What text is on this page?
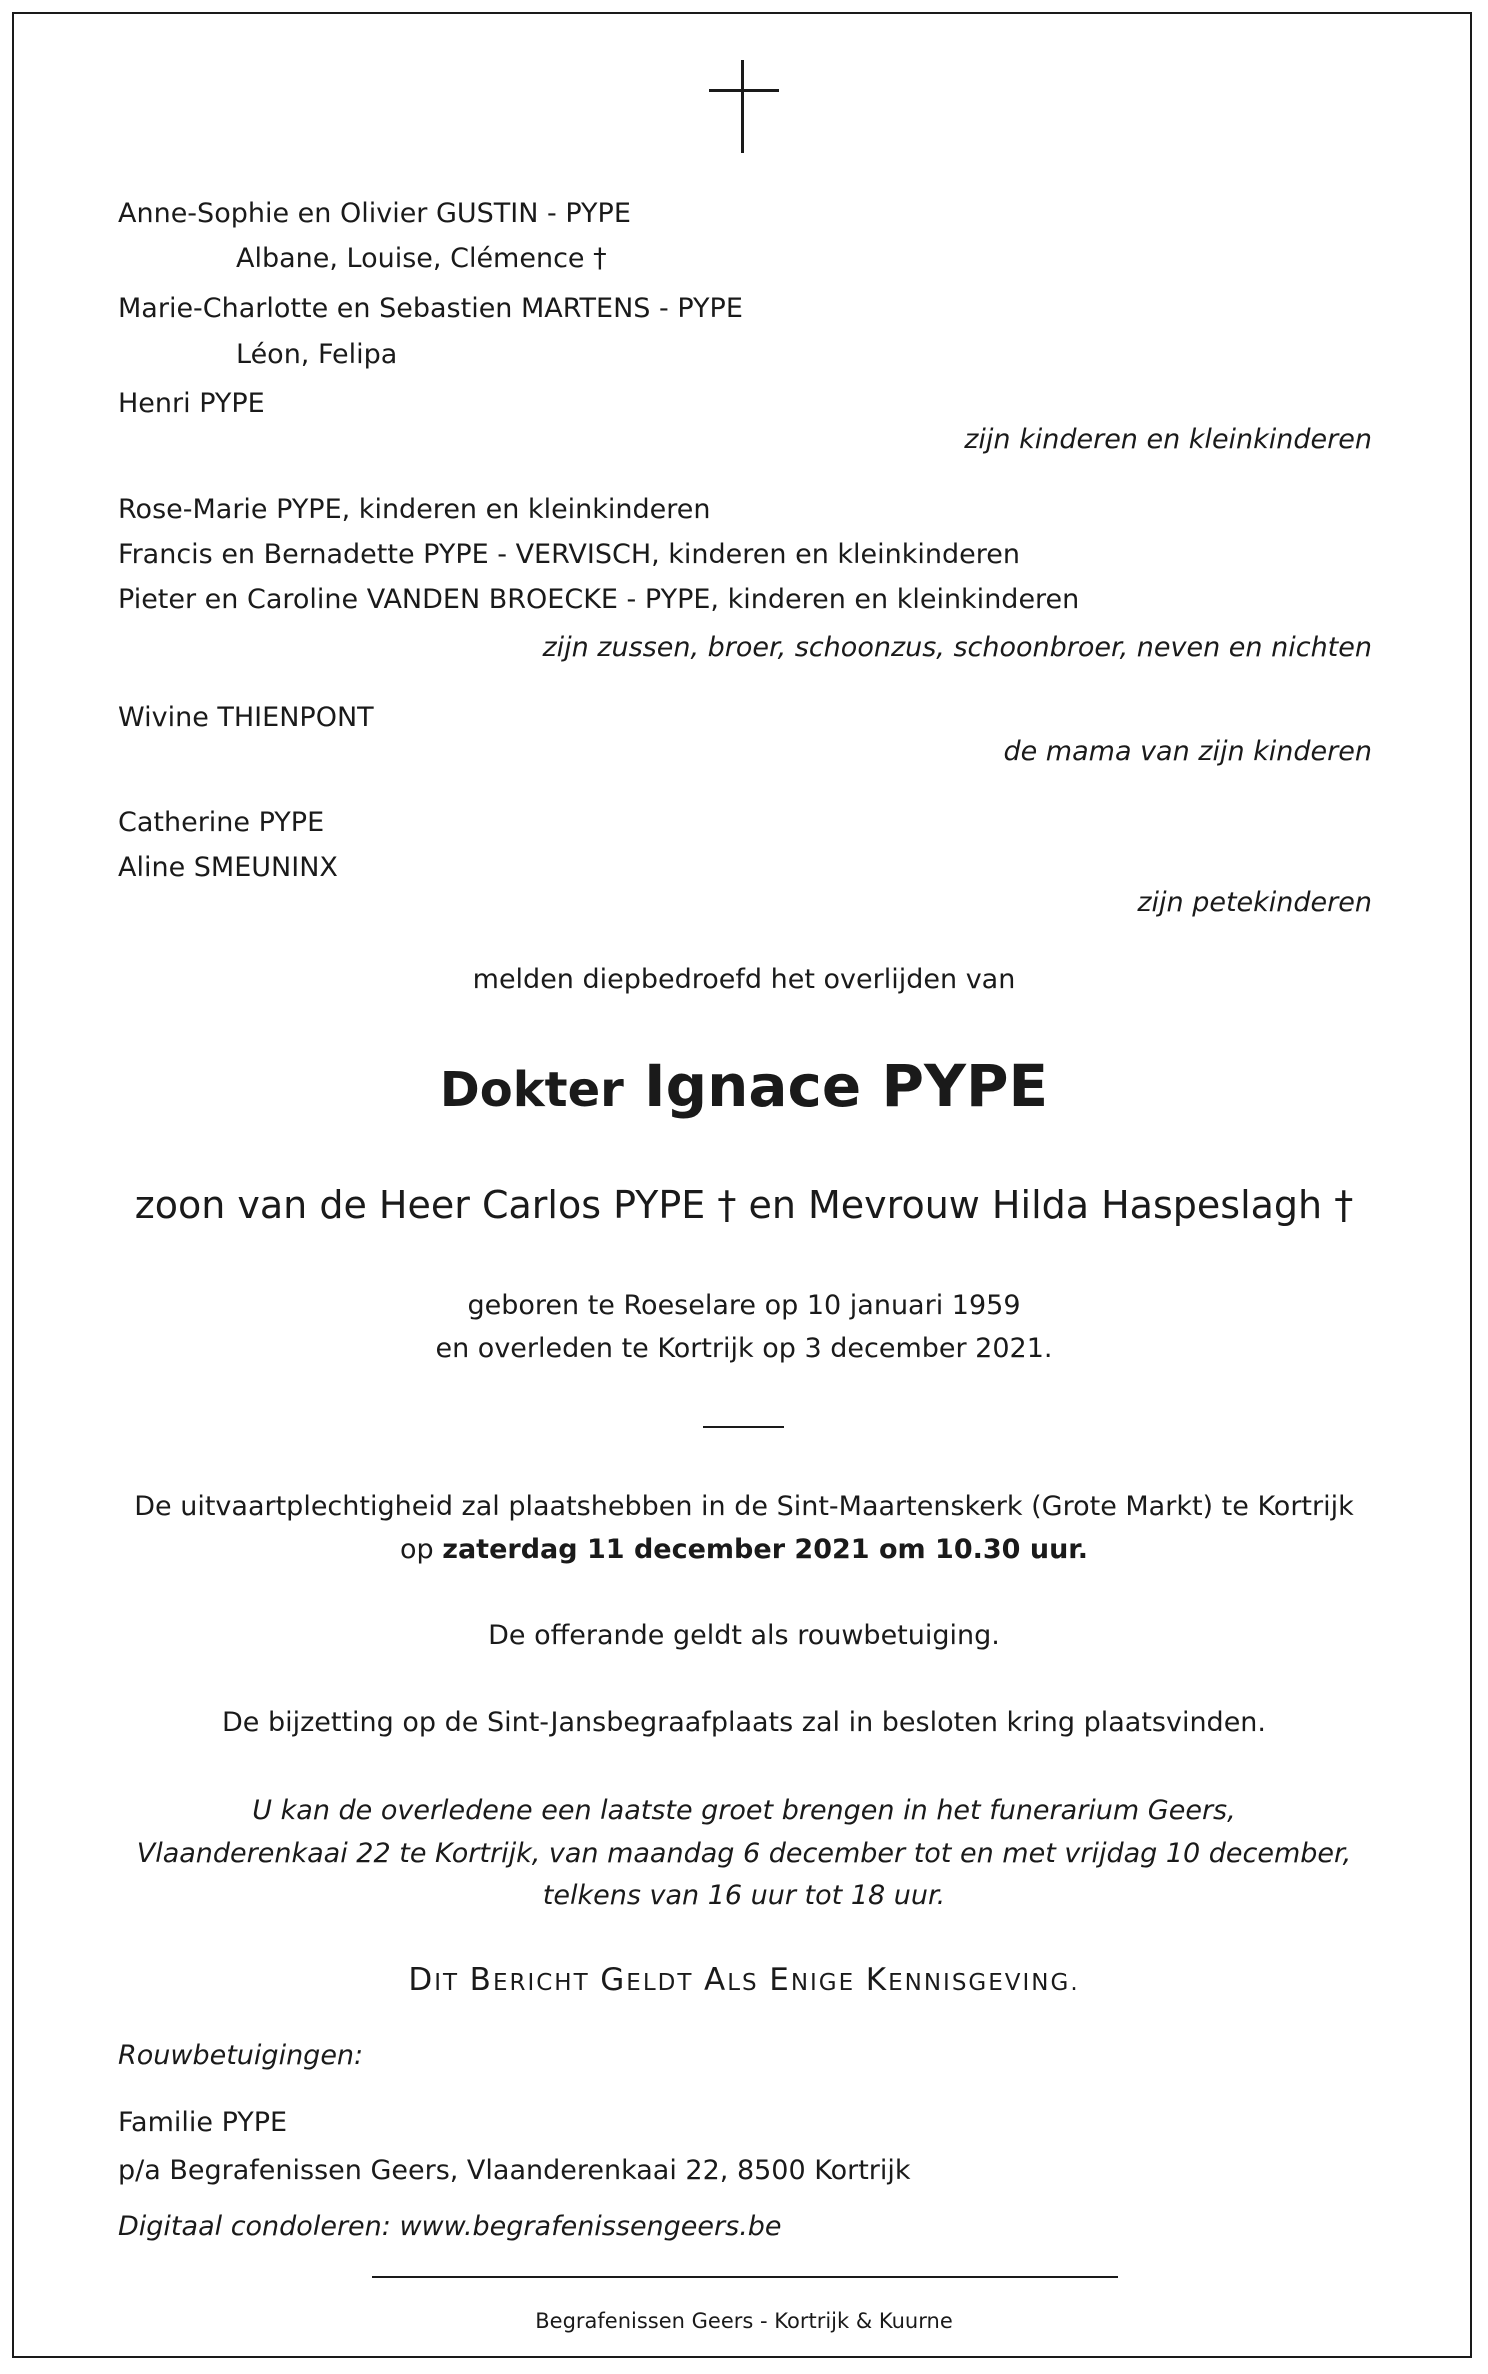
Anne-Sophie en Olivier GUSTIN - PYPE
Albane, Louise, Clémence †
Marie-Charlotte en Sebastien MARTENS - PYPE
Léon, Felipa
Henri PYPE
zijn kinderen en kleinkinderen
Rose-Marie PYPE, kinderen en kleinkinderen
Francis en Bernadette PYPE - VERVISCH, kinderen en kleinkinderen
Pieter en Caroline VANDEN BROECKE - PYPE, kinderen en kleinkinderen
zijn zussen, broer, schoonzus, schoonbroer, neven en nichten
Wivine THIENPONT
de mama van zijn kinderen
Catherine PYPE
Aline SMEUNINX
zijn petekinderen
melden diepbedroefd het overlijden van
Dokter Ignace PYPE
zoon van de Heer Carlos PYPE † en Mevrouw Hilda Haspeslagh †
geboren te Roeselare op 10 januari 1959
en overleden te Kortrijk op 3 december 2021.
De uitvaartplechtigheid zal plaatshebben in de Sint-Maartenskerk (Grote Markt) te Kortrijk
op zaterdag 11 december 2021 om 10.30 uur.
De offerande geldt als rouwbetuiging.
De bijzetting op de Sint-Jansbegraafplaats zal in besloten kring plaatsvinden.
U kan de overledene een laatste groet brengen in het funerarium Geers,
Vlaanderenkaai 22 te Kortrijk, van maandag 6 december tot en met vrijdag 10 december,
telkens van 16 uur tot 18 uur.
DIT BERICHT GELDT ALS ENIGE KENNISGEVING.
Rouwbetuigingen:
Familie PYPE
p/a Begrafenissen Geers, Vlaanderenkaai 22, 8500 Kortrijk
Digitaal condoleren: www.begrafenissengeers.be
Begrafenissen Geers - Kortrijk & Kuurne
